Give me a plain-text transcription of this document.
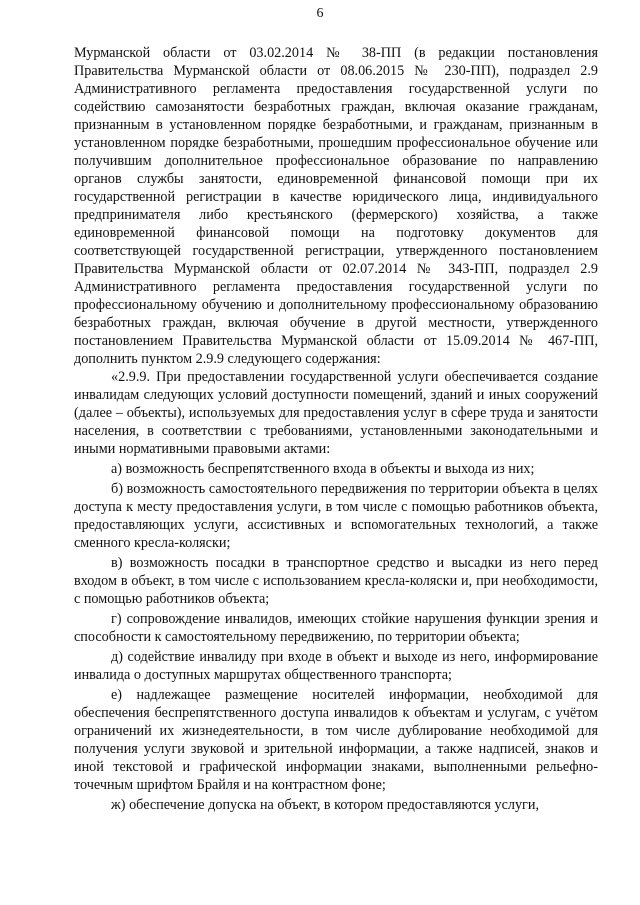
6

Мурманской области от 03.02.2014 № 38-ПП (в редакции постановления Правительства Мурманской области от 08.06.2015 № 230-ПП), подраздел 2.9 Административного регламента предоставления государственной услуги по содействию самозанятости безработных граждан, включая оказание гражданам, признанным в установленном порядке безработными, и гражданам, признанным в установленном порядке безработными, прошедшим профессиональное обучение или получившим дополнительное профессиональное образование по направлению органов службы занятости, единовременной финансовой помощи при их государственной регистрации в качестве юридического лица, индивидуального предпринимателя либо крестьянского (фермерского) хозяйства, а также единовременной финансовой помощи на подготовку документов для соответствующей государственной регистрации, утвержденного постановлением Правительства Мурманской области от 02.07.2014 № 343-ПП, подраздел 2.9 Административного регламента предоставления государственной услуги по профессиональному обучению и дополнительному профессиональному образованию безработных граждан, включая обучение в другой местности, утвержденного постановлением Правительства Мурманской области от 15.09.2014 № 467-ПП, дополнить пунктом 2.9.9 следующего содержания:

«2.9.9. При предоставлении государственной услуги обеспечивается создание инвалидам следующих условий доступности помещений, зданий и иных сооружений (далее – объекты), используемых для предоставления услуг в сфере труда и занятости населения, в соответствии с требованиями, установленными законодательными и иными нормативными правовыми актами:

а) возможность беспрепятственного входа в объекты и выхода из них;

б) возможность самостоятельного передвижения по территории объекта в целях доступа к месту предоставления услуги, в том числе с помощью работников объекта, предоставляющих услуги, ассистивных и вспомогательных технологий, а также сменного кресла-коляски;

в) возможность посадки в транспортное средство и высадки из него перед входом в объект, в том числе с использованием кресла-коляски и, при необходимости, с помощью работников объекта;

г) сопровождение инвалидов, имеющих стойкие нарушения функции зрения и способности к самостоятельному передвижению, по территории объекта;

д) содействие инвалиду при входе в объект и выходе из него, информирование инвалида о доступных маршрутах общественного транспорта;

е) надлежащее размещение носителей информации, необходимой для обеспечения беспрепятственного доступа инвалидов к объектам и услугам, с учётом ограничений их жизнедеятельности, в том числе дублирование необходимой для получения услуги звуковой и зрительной информации, а также надписей, знаков и иной текстовой и графической информации знаками, выполненными рельефно-точечным шрифтом Брайля и на контрастном фоне;

ж) обеспечение допуска на объект, в котором предоставляются услуги,
